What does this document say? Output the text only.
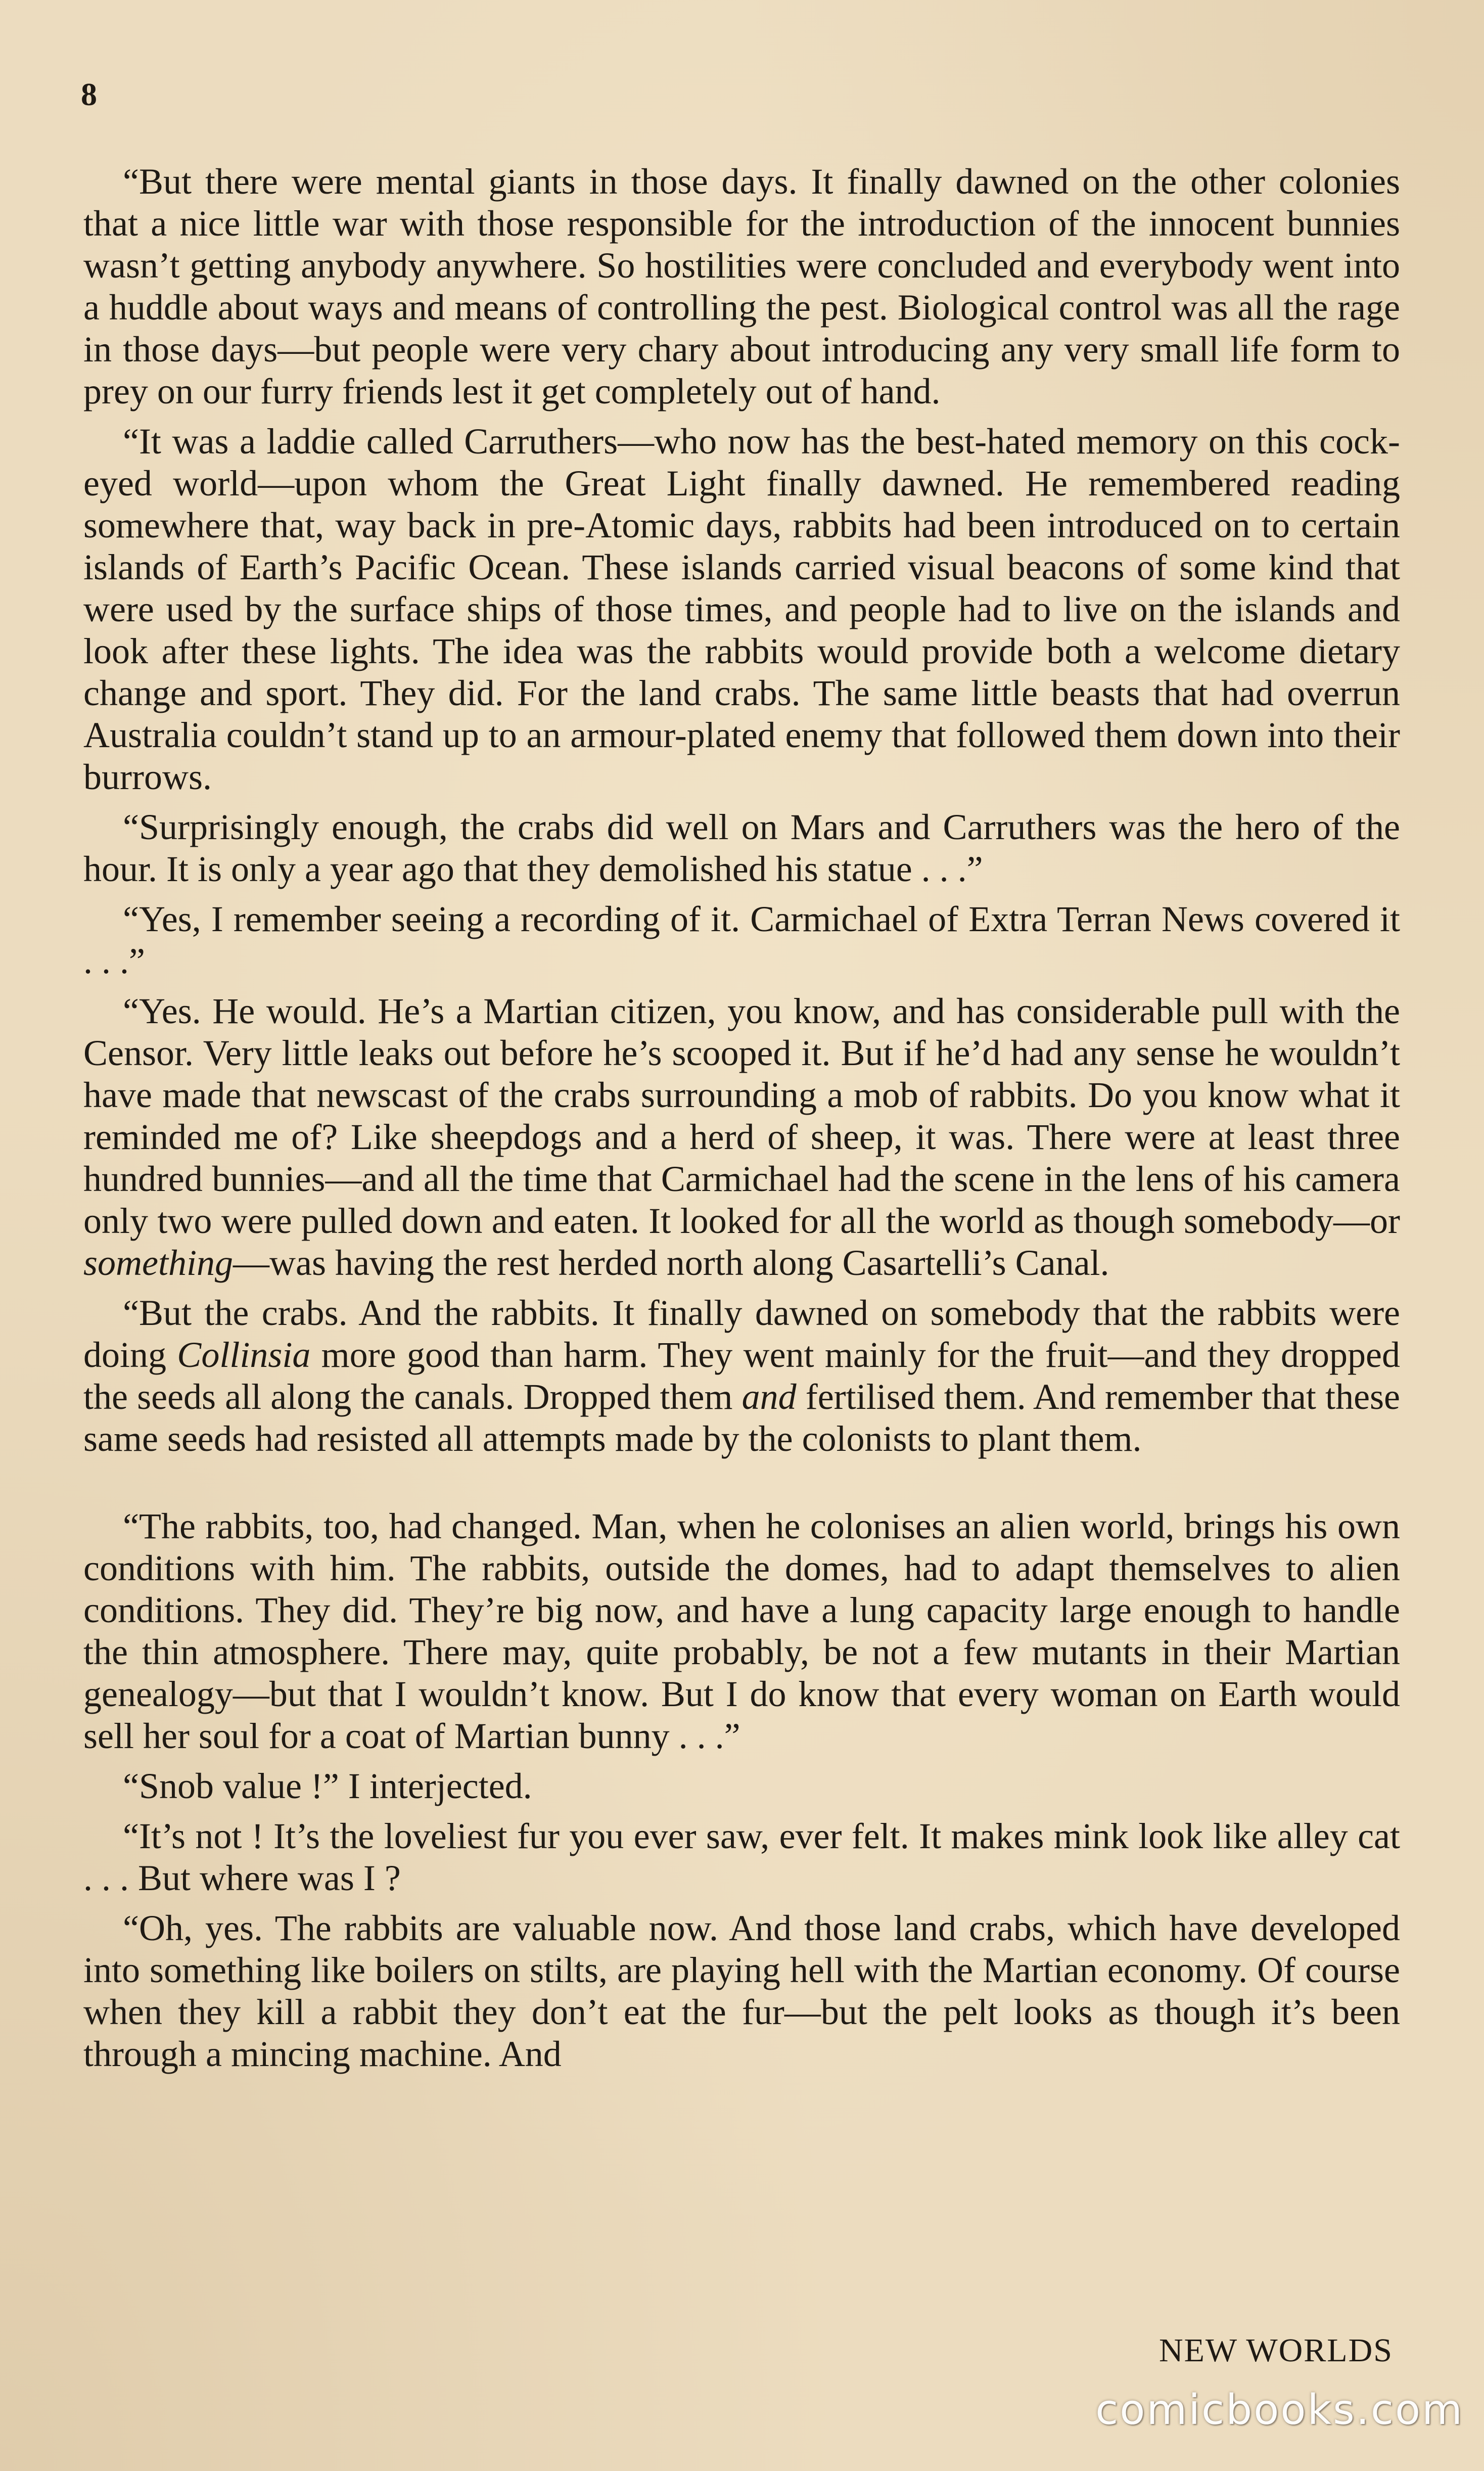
8

“But there were mental giants in those days. It finally dawned on the other colonies that a nice little war with those responsible for the introduction of the innocent bunnies wasn’t getting anybody anywhere. So hostilities were concluded and everybody went into a huddle about ways and means of controlling the pest. Biological control was all the rage in those days—but people were very chary about introducing any very small life form to prey on our furry friends lest it get completely out of hand.

“It was a laddie called Carruthers—who now has the best-hated memory on this cock-eyed world—upon whom the Great Light finally dawned. He remembered reading somewhere that, way back in pre-Atomic days, rabbits had been introduced on to certain islands of Earth’s Pacific Ocean. These islands carried visual beacons of some kind that were used by the surface ships of those times, and people had to live on the islands and look after these lights. The idea was the rabbits would provide both a welcome dietary change and sport. They did. For the land crabs. The same little beasts that had overrun Australia couldn’t stand up to an armour-plated enemy that followed them down into their burrows.

“Surprisingly enough, the crabs did well on Mars and Carruthers was the hero of the hour. It is only a year ago that they demolished his statue . . .”

“Yes, I remember seeing a recording of it. Carmichael of Extra Terran News covered it . . .”

“Yes. He would. He’s a Martian citizen, you know, and has considerable pull with the Censor. Very little leaks out before he’s scooped it. But if he’d had any sense he wouldn’t have made that newscast of the crabs surrounding a mob of rabbits. Do you know what it reminded me of? Like sheepdogs and a herd of sheep, it was. There were at least three hundred bunnies—and all the time that Carmichael had the scene in the lens of his camera only two were pulled down and eaten. It looked for all the world as though somebody—or something—was having the rest herded north along Casartelli’s Canal.

“But the crabs. And the rabbits. It finally dawned on somebody that the rabbits were doing Collinsia more good than harm. They went mainly for the fruit—and they dropped the seeds all along the canals. Dropped them and fertilised them. And remember that these same seeds had resisted all attempts made by the colonists to plant them.

“The rabbits, too, had changed. Man, when he colonises an alien world, brings his own conditions with him. The rabbits, outside the domes, had to adapt themselves to alien conditions. They did. They’re big now, and have a lung capacity large enough to handle the thin atmosphere. There may, quite probably, be not a few mutants in their Martian genealogy—but that I wouldn’t know. But I do know that every woman on Earth would sell her soul for a coat of Martian bunny . . .”

“Snob value !” I interjected.

“It’s not ! It’s the loveliest fur you ever saw, ever felt. It makes mink look like alley cat . . . But where was I ?

“Oh, yes. The rabbits are valuable now. And those land crabs, which have developed into something like boilers on stilts, are playing hell with the Martian economy. Of course when they kill a rabbit they don’t eat the fur—but the pelt looks as though it’s been through a mincing machine. And

NEW WORLDS
comicbooks.com
